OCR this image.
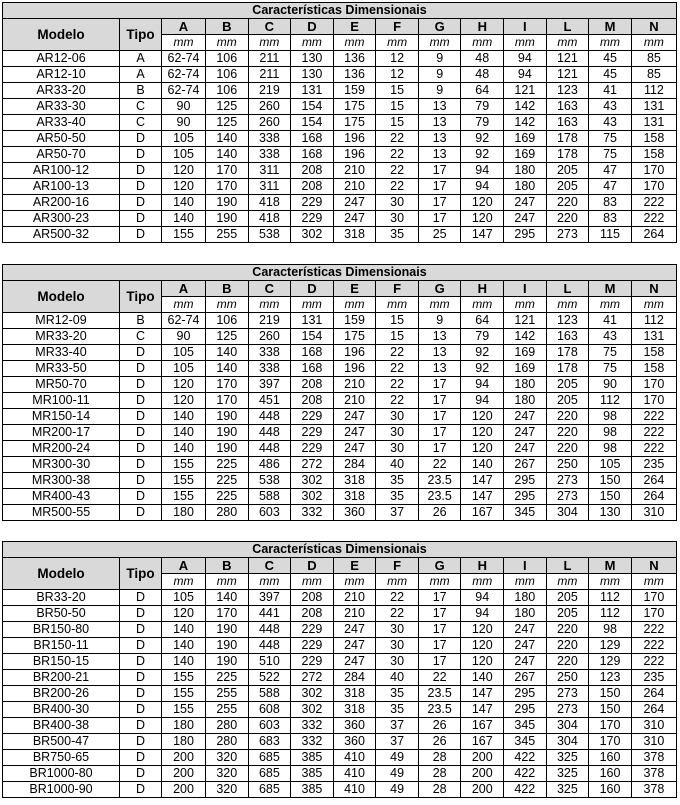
Características Dimensionais													
Modelo	Tipo	A	B	C	D	E	F	G	H	I	L	M	N
		mm	mm	mm	mm	mm	mm	mm	mm	mm	mm	mm	mm
AR12-06	A	62-74	106	211	130	136	12	9	48	94	121	45	85
AR12-10	A	62-74	106	211	130	136	12	9	48	94	121	45	85
AR33-20	B	62-74	106	219	131	159	15	9	64	121	123	41	112
AR33-30	C	90	125	260	154	175	15	13	79	142	163	43	131
AR33-40	C	90	125	260	154	175	15	13	79	142	163	43	131
AR50-50	D	105	140	338	168	196	22	13	92	169	178	75	158
AR50-70	D	105	140	338	168	196	22	13	92	169	178	75	158
AR100-12	D	120	170	311	208	210	22	17	94	180	205	47	170
AR100-13	D	120	170	311	208	210	22	17	94	180	205	47	170
AR200-16	D	140	190	418	229	247	30	17	120	247	220	83	222
AR300-23	D	140	190	418	229	247	30	17	120	247	220	83	222
AR500-32	D	155	255	538	302	318	35	25	147	295	273	115	264
Características Dimensionais													
Modelo	Tipo	A	B	C	D	E	F	G	H	I	L	M	N
		mm	mm	mm	mm	mm	mm	mm	mm	mm	mm	mm	mm
MR12-09	B	62-74	106	219	131	159	15	9	64	121	123	41	112
MR33-20	C	90	125	260	154	175	15	13	79	142	163	43	131
MR33-40	D	105	140	338	168	196	22	13	92	169	178	75	158
MR33-50	D	105	140	338	168	196	22	13	92	169	178	75	158
MR50-70	D	120	170	397	208	210	22	17	94	180	205	90	170
MR100-11	D	120	170	451	208	210	22	17	94	180	205	112	170
MR150-14	D	140	190	448	229	247	30	17	120	247	220	98	222
MR200-17	D	140	190	448	229	247	30	17	120	247	220	98	222
MR200-24	D	140	190	448	229	247	30	17	120	247	220	98	222
MR300-30	D	155	225	486	272	284	40	22	140	267	250	105	235
MR300-38	D	155	225	538	302	318	35	23.5	147	295	273	150	264
MR400-43	D	155	225	588	302	318	35	23.5	147	295	273	150	264
MR500-55	D	180	280	603	332	360	37	26	167	345	304	130	310
Características Dimensionais													
Modelo	Tipo	A	B	C	D	E	F	G	H	I	L	M	N
		mm	mm	mm	mm	mm	mm	mm	mm	mm	mm	mm	mm
BR33-20	D	105	140	397	208	210	22	17	94	180	205	112	170
BR50-50	D	120	170	441	208	210	22	17	94	180	205	112	170
BR150-80	D	140	190	448	229	247	30	17	120	247	220	98	222
BR150-11	D	140	190	448	229	247	30	17	120	247	220	129	222
BR150-15	D	140	190	510	229	247	30	17	120	247	220	129	222
BR200-21	D	155	225	522	272	284	40	22	140	267	250	123	235
BR200-26	D	155	255	588	302	318	35	23.5	147	295	273	150	264
BR400-30	D	155	255	608	302	318	35	23.5	147	295	273	150	264
BR400-38	D	180	280	603	332	360	37	26	167	345	304	170	310
BR500-47	D	180	280	683	332	360	37	26	167	345	304	170	310
BR750-65	D	200	320	685	385	410	49	28	200	422	325	160	378
BR1000-80	D	200	320	685	385	410	49	28	200	422	325	160	378
BR1000-90	D	200	320	685	385	410	49	28	200	422	325	160	378
